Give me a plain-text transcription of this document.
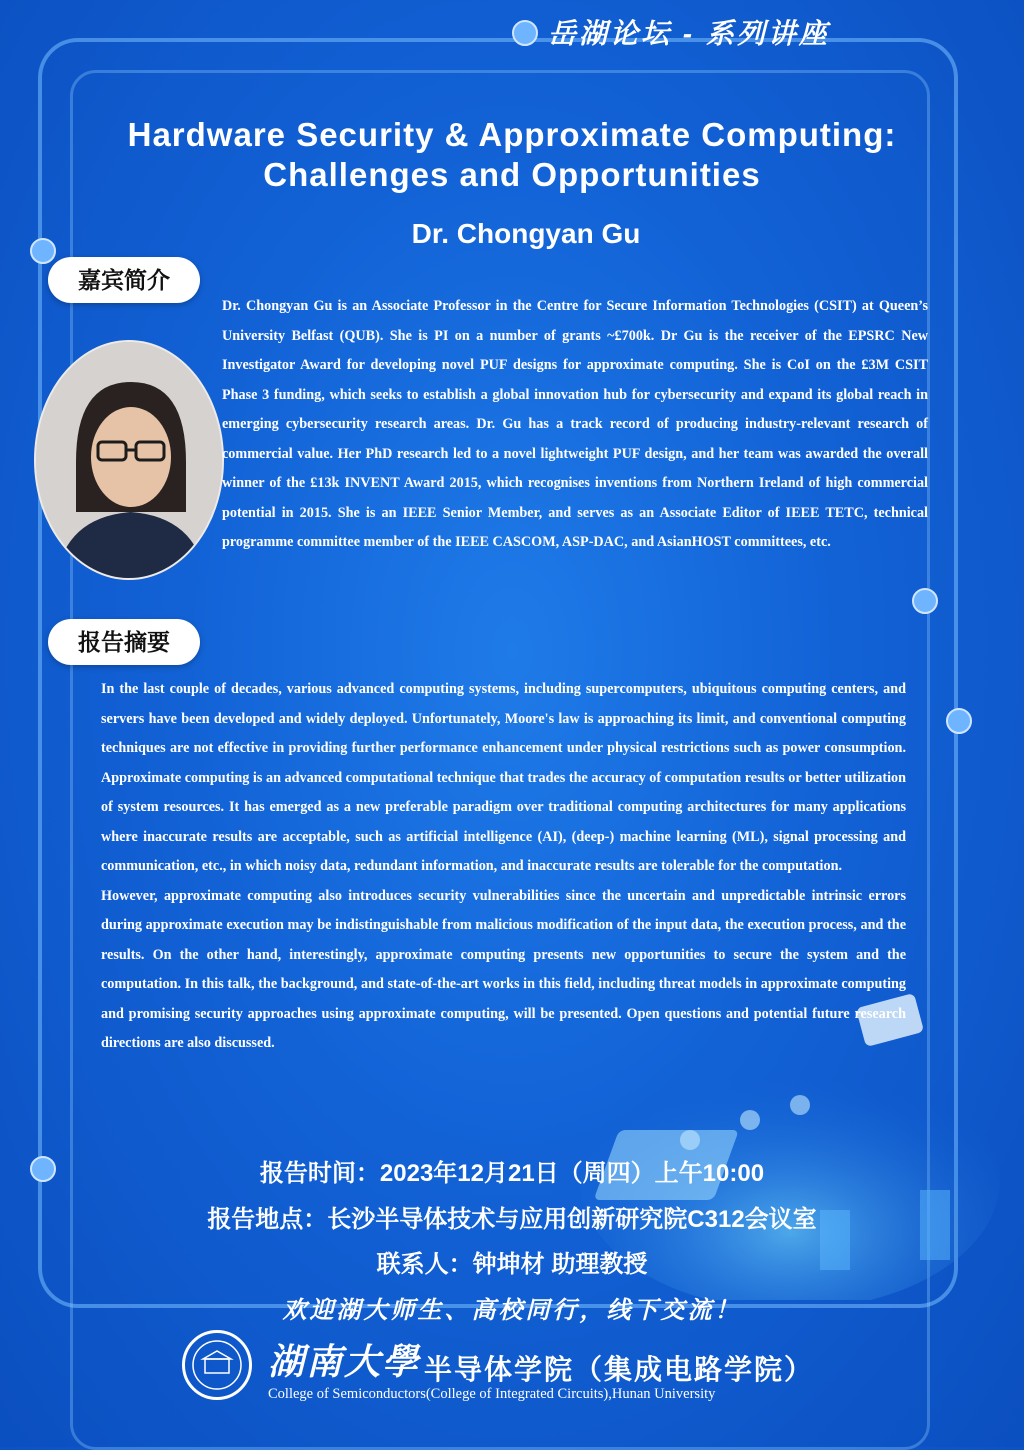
岳湖论坛 - 系列讲座
Hardware Security & Approximate Computing:
Challenges and Opportunities
Dr. Chongyan Gu
嘉宾简介

Dr. Chongyan Gu is an Associate Professor in the Centre for Secure Information Technologies (CSIT) at Queen’s University Belfast (QUB). She is PI on a number of grants ~£700k. Dr Gu is the receiver of the EPSRC New Investigator Award for developing novel PUF designs for approximate computing. She is CoI on the £3M CSIT Phase 3 funding, which seeks to establish a global innovation hub for cybersecurity and expand its global reach in emerging cybersecurity research areas. Dr. Gu has a track record of producing industry-relevant research of commercial value. Her PhD research led to a novel lightweight PUF design, and her team was awarded the overall winner of the £13k INVENT Award 2015, which recognises inventions from Northern Ireland of high commercial potential in 2015. She is an IEEE Senior Member, and serves as an Associate Editor of IEEE TETC, technical programme committee member of the IEEE CASCOM, ASP-DAC, and AsianHOST committees, etc.

报告摘要

In the last couple of decades, various advanced computing systems, including supercomputers, ubiquitous computing centers, and servers have been developed and widely deployed. Unfortunately, Moore's law is approaching its limit, and conventional computing techniques are not effective in providing further performance enhancement under physical restrictions such as power consumption. Approximate computing is an advanced computational technique that trades the accuracy of computation results or better utilization of system resources. It has emerged as a new preferable paradigm over traditional computing architectures for many applications where inaccurate results are acceptable, such as artificial intelligence (AI), (deep-) machine learning (ML), signal processing and communication, etc., in which noisy data, redundant information, and inaccurate results are tolerable for the computation.

However, approximate computing also introduces security vulnerabilities since the uncertain and unpredictable intrinsic errors during approximate execution may be indistinguishable from malicious modification of the input data, the execution process, and the results. On the other hand, interestingly, approximate computing presents new opportunities to secure the system and the computation. In this talk, the background, and state-of-the-art works in this field, including threat models in approximate computing and promising security approaches using approximate computing, will be presented. Open questions and potential future research directions are also discussed.

报告时间：2023年12月21日（周四）上午10:00
报告地点：长沙半导体技术与应用创新研究院C312会议室
联系人：钟坤材 助理教授
欢迎湖大师生、高校同行，线下交流！
湖南大學 半导体学院（集成电路学院）
College of Semiconductors(College of Integrated Circuits),Hunan University
